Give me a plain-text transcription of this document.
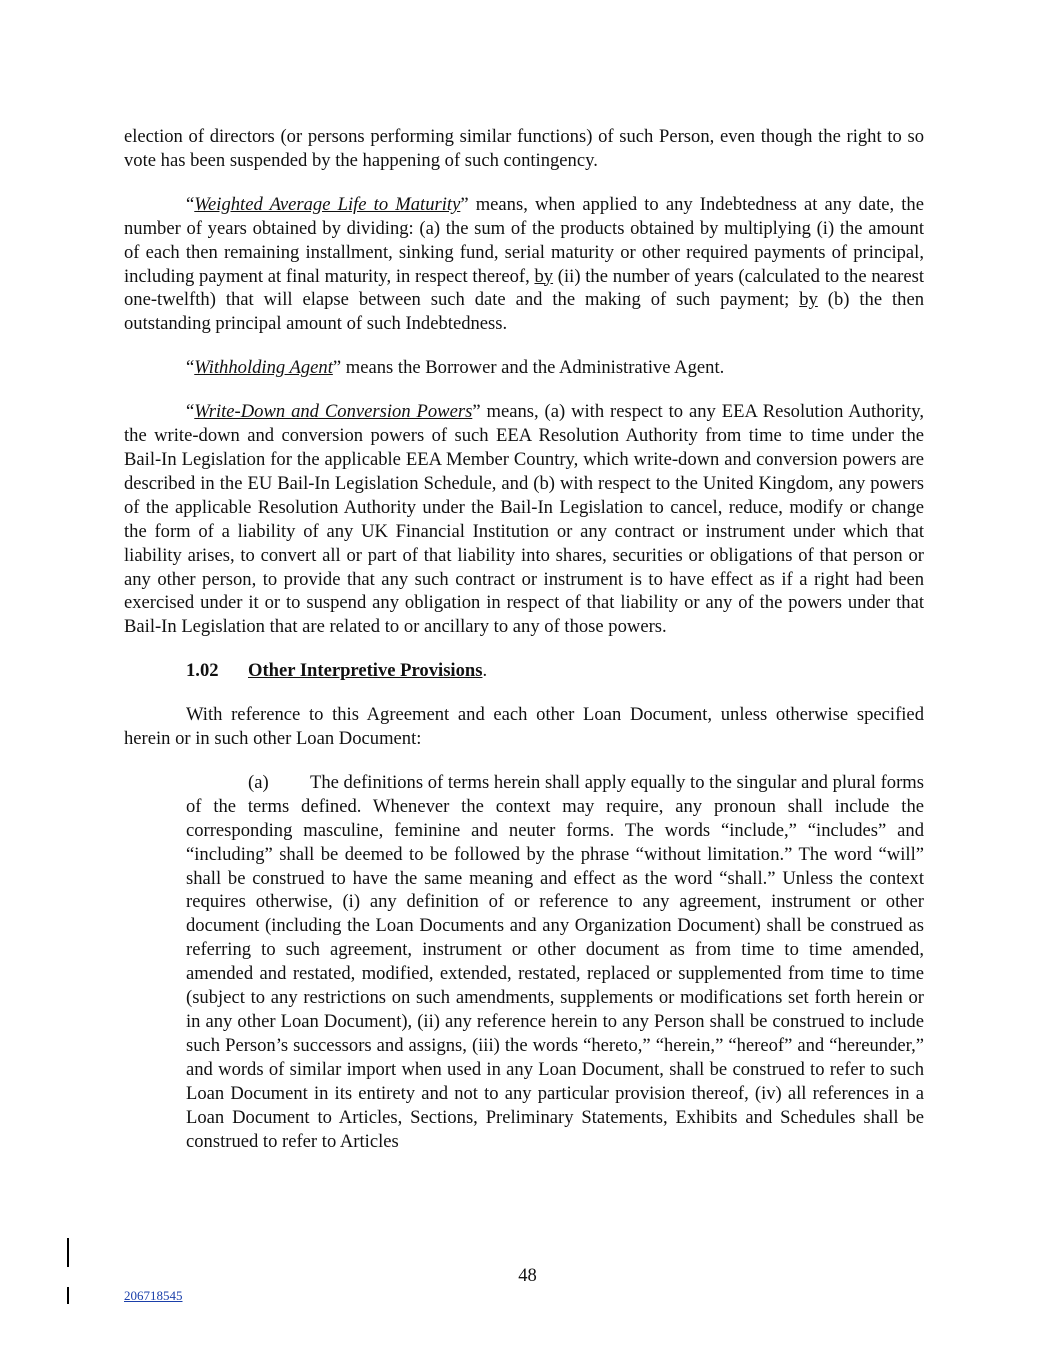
election of directors (or persons performing similar functions) of such Person, even though the right to so vote has been suspended by the happening of such contingency.

“Weighted Average Life to Maturity” means, when applied to any Indebtedness at any date, the number of years obtained by dividing: (a) the sum of the products obtained by multiplying (i) the amount of each then remaining installment, sinking fund, serial maturity or other required payments of principal, including payment at final maturity, in respect thereof, by (ii) the number of years (calculated to the nearest one-twelfth) that will elapse between such date and the making of such payment; by (b) the then outstanding principal amount of such Indebtedness.

“Withholding Agent” means the Borrower and the Administrative Agent.

“Write-Down and Conversion Powers” means, (a) with respect to any EEA Resolution Authority, the write-down and conversion powers of such EEA Resolution Authority from time to time under the Bail-In Legislation for the applicable EEA Member Country, which write-down and conversion powers are described in the EU Bail-In Legislation Schedule, and (b) with respect to the United Kingdom, any powers of the applicable Resolution Authority under the Bail-In Legislation to cancel, reduce, modify or change the form of a liability of any UK Financial Institution or any contract or instrument under which that liability arises, to convert all or part of that liability into shares, securities or obligations of that person or any other person, to provide that any such contract or instrument is to have effect as if a right had been exercised under it or to suspend any obligation in respect of that liability or any of the powers under that Bail-In Legislation that are related to or ancillary to any of those powers.

1.02 Other Interpretive Provisions.

With reference to this Agreement and each other Loan Document, unless otherwise specified herein or in such other Loan Document:

(a) The definitions of terms herein shall apply equally to the singular and plural forms of the terms defined. Whenever the context may require, any pronoun shall include the corresponding masculine, feminine and neuter forms. The words “include,” “includes” and “including” shall be deemed to be followed by the phrase “without limitation.” The word “will” shall be construed to have the same meaning and effect as the word “shall.” Unless the context requires otherwise, (i) any definition of or reference to any agreement, instrument or other document (including the Loan Documents and any Organization Document) shall be construed as referring to such agreement, instrument or other document as from time to time amended, amended and restated, modified, extended, restated, replaced or supplemented from time to time (subject to any restrictions on such amendments, supplements or modifications set forth herein or in any other Loan Document), (ii) any reference herein to any Person shall be construed to include such Person’s successors and assigns, (iii) the words “hereto,” “herein,” “hereof” and “hereunder,” and words of similar import when used in any Loan Document, shall be construed to refer to such Loan Document in its entirety and not to any particular provision thereof, (iv) all references in a Loan Document to Articles, Sections, Preliminary Statements, Exhibits and Schedules shall be construed to refer to Articles

48
206718545
